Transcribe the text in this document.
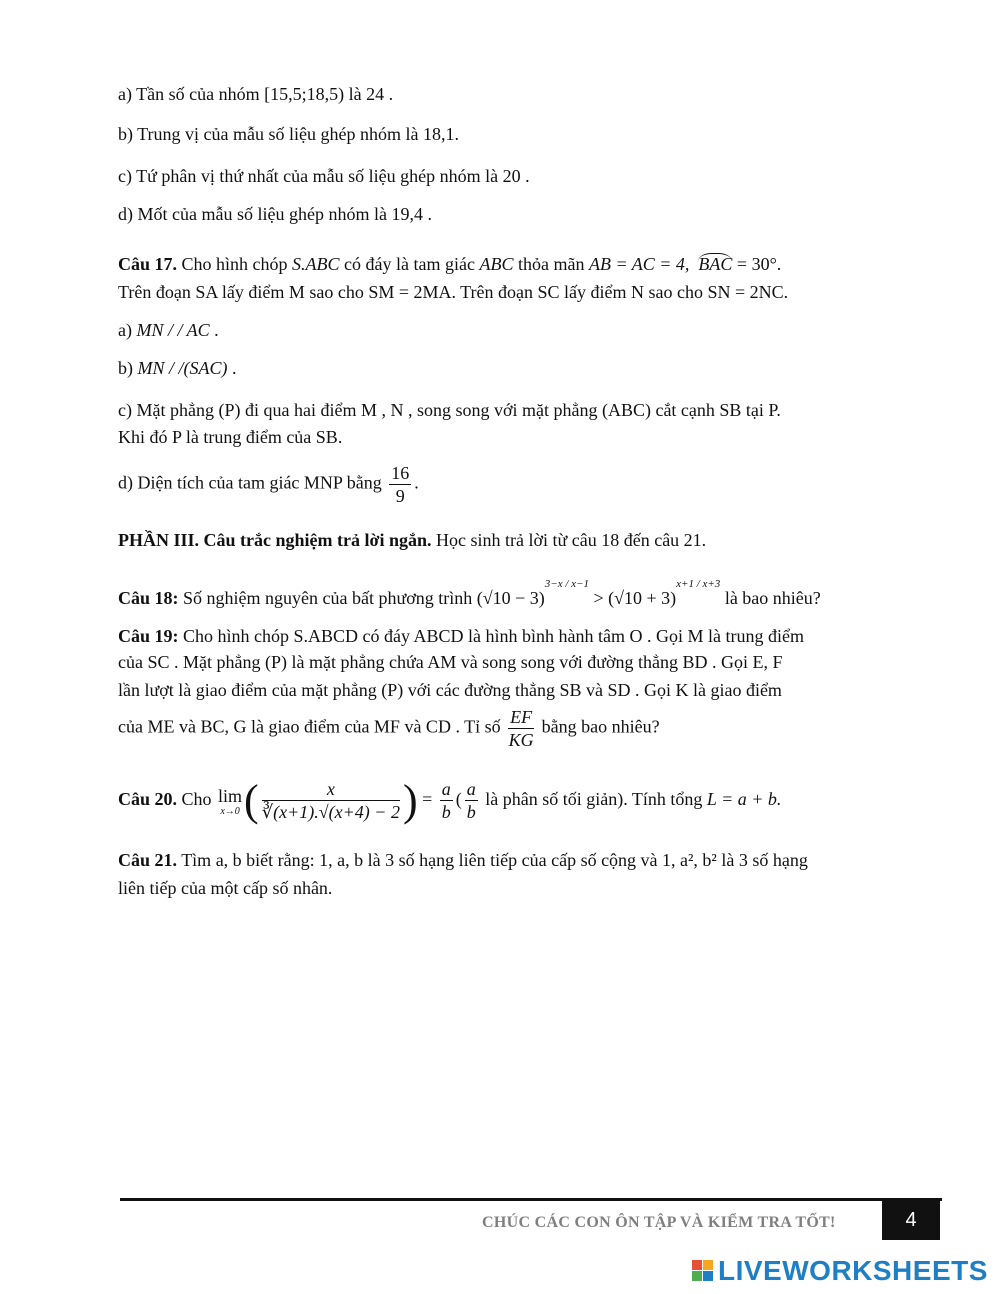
a) Tần số của nhóm [15,5;18,5) là 24 .
b) Trung vị của mẫu số liệu ghép nhóm là 18,1.
c) Tứ phân vị thứ nhất của mẫu số liệu ghép nhóm là 20 .
d) Mốt của mẫu số liệu ghép nhóm là 19,4 .
Câu 17. Cho hình chóp S.ABC có đáy là tam giác ABC thỏa mãn AB = AC = 4, BAC = 30°.
Trên đoạn SA lấy điểm M sao cho SM = 2MA. Trên đoạn SC lấy điểm N sao cho SN = 2NC.
a) MN / / AC .
b) MN / /(SAC) .
c) Mặt phẳng (P) đi qua hai điểm M , N , song song với mặt phẳng (ABC) cắt cạnh SB tại P.
Khi đó P là trung điểm của SB.
d) Diện tích của tam giác MNP bằng $\frac{16}{9}$ .
PHẦN III. Câu trắc nghiệm trả lời ngắn. Học sinh trả lời từ câu 18 đến câu 21.
Câu 18: Số nghiệm nguyên của bất phương trình $(√10 - 3)^{3-x / x-1} > (√10 + 3)^{x+1 / x+3}$ là bao nhiêu?
Câu 19: Cho hình chóp S.ABCD có đáy ABCD là hình bình hành tâm O . Gọi M là trung điểm
của SC . Mặt phẳng (P) là mặt phẳng chứa AM và song song với đường thẳng BD . Gọi E, F
lần lượt là giao điểm của mặt phẳng (P) với các đường thẳng SB và SD . Gọi K là giao điểm
của ME và BC, G là giao điểm của MF và CD . Tỉ số $\frac{EF}{KG}$ bằng bao nhiêu?
Câu 20. Cho lim
x→0 ( $\frac{x}{∛(x+1).√(x+4) - 2}$ ) = $\frac{a}{b}$ ( $\frac{a}{b}$ là phân số tối giản). Tính tổng L = a + b.
Câu 21. Tìm a, b biết rằng: 1, a, b là 3 số hạng liên tiếp của cấp số cộng và 1, a², b² là 3 số hạng
liên tiếp của một cấp số nhân.
CHÚC CÁC CON ÔN TẬP VÀ KIỂM TRA TỐT!	4
LIVEWORKSHEETS
